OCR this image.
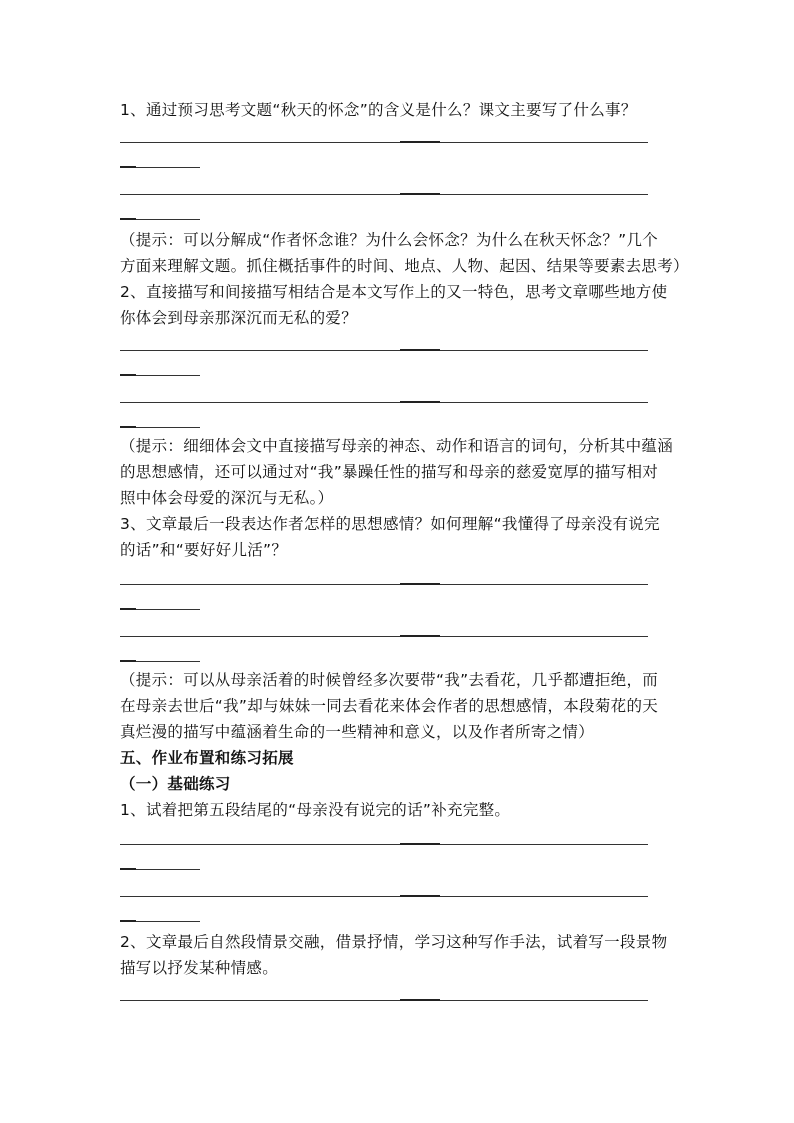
1、通过预习思考文题“秋天的怀念”的含义是什么？课文主要写了什么事？
（提示：可以分解成“作者怀念谁？为什么会怀念？为什么在秋天怀念？”几个
方面来理解文题。抓住概括事件的时间、地点、人物、起因、结果等要素去思考）
2、直接描写和间接描写相结合是本文写作上的又一特色，思考文章哪些地方使
你体会到母亲那深沉而无私的爱？
（提示：细细体会文中直接描写母亲的神态、动作和语言的词句，分析其中蕴涵
的思想感情，还可以通过对“我”暴躁任性的描写和母亲的慈爱宽厚的描写相对
照中体会母爱的深沉与无私。）
3、文章最后一段表达作者怎样的思想感情？如何理解“我懂得了母亲没有说完
的话”和“要好好儿活”？
（提示：可以从母亲活着的时候曾经多次要带“我”去看花，几乎都遭拒绝，而
在母亲去世后“我”却与妹妹一同去看花来体会作者的思想感情，本段菊花的天
真烂漫的描写中蕴涵着生命的一些精神和意义，以及作者所寄之情）
五、作业布置和练习拓展
（一）基础练习
1、试着把第五段结尾的“母亲没有说完的话”补充完整。
2、文章最后自然段情景交融，借景抒情，学习这种写作手法，试着写一段景物
描写以抒发某种情感。
